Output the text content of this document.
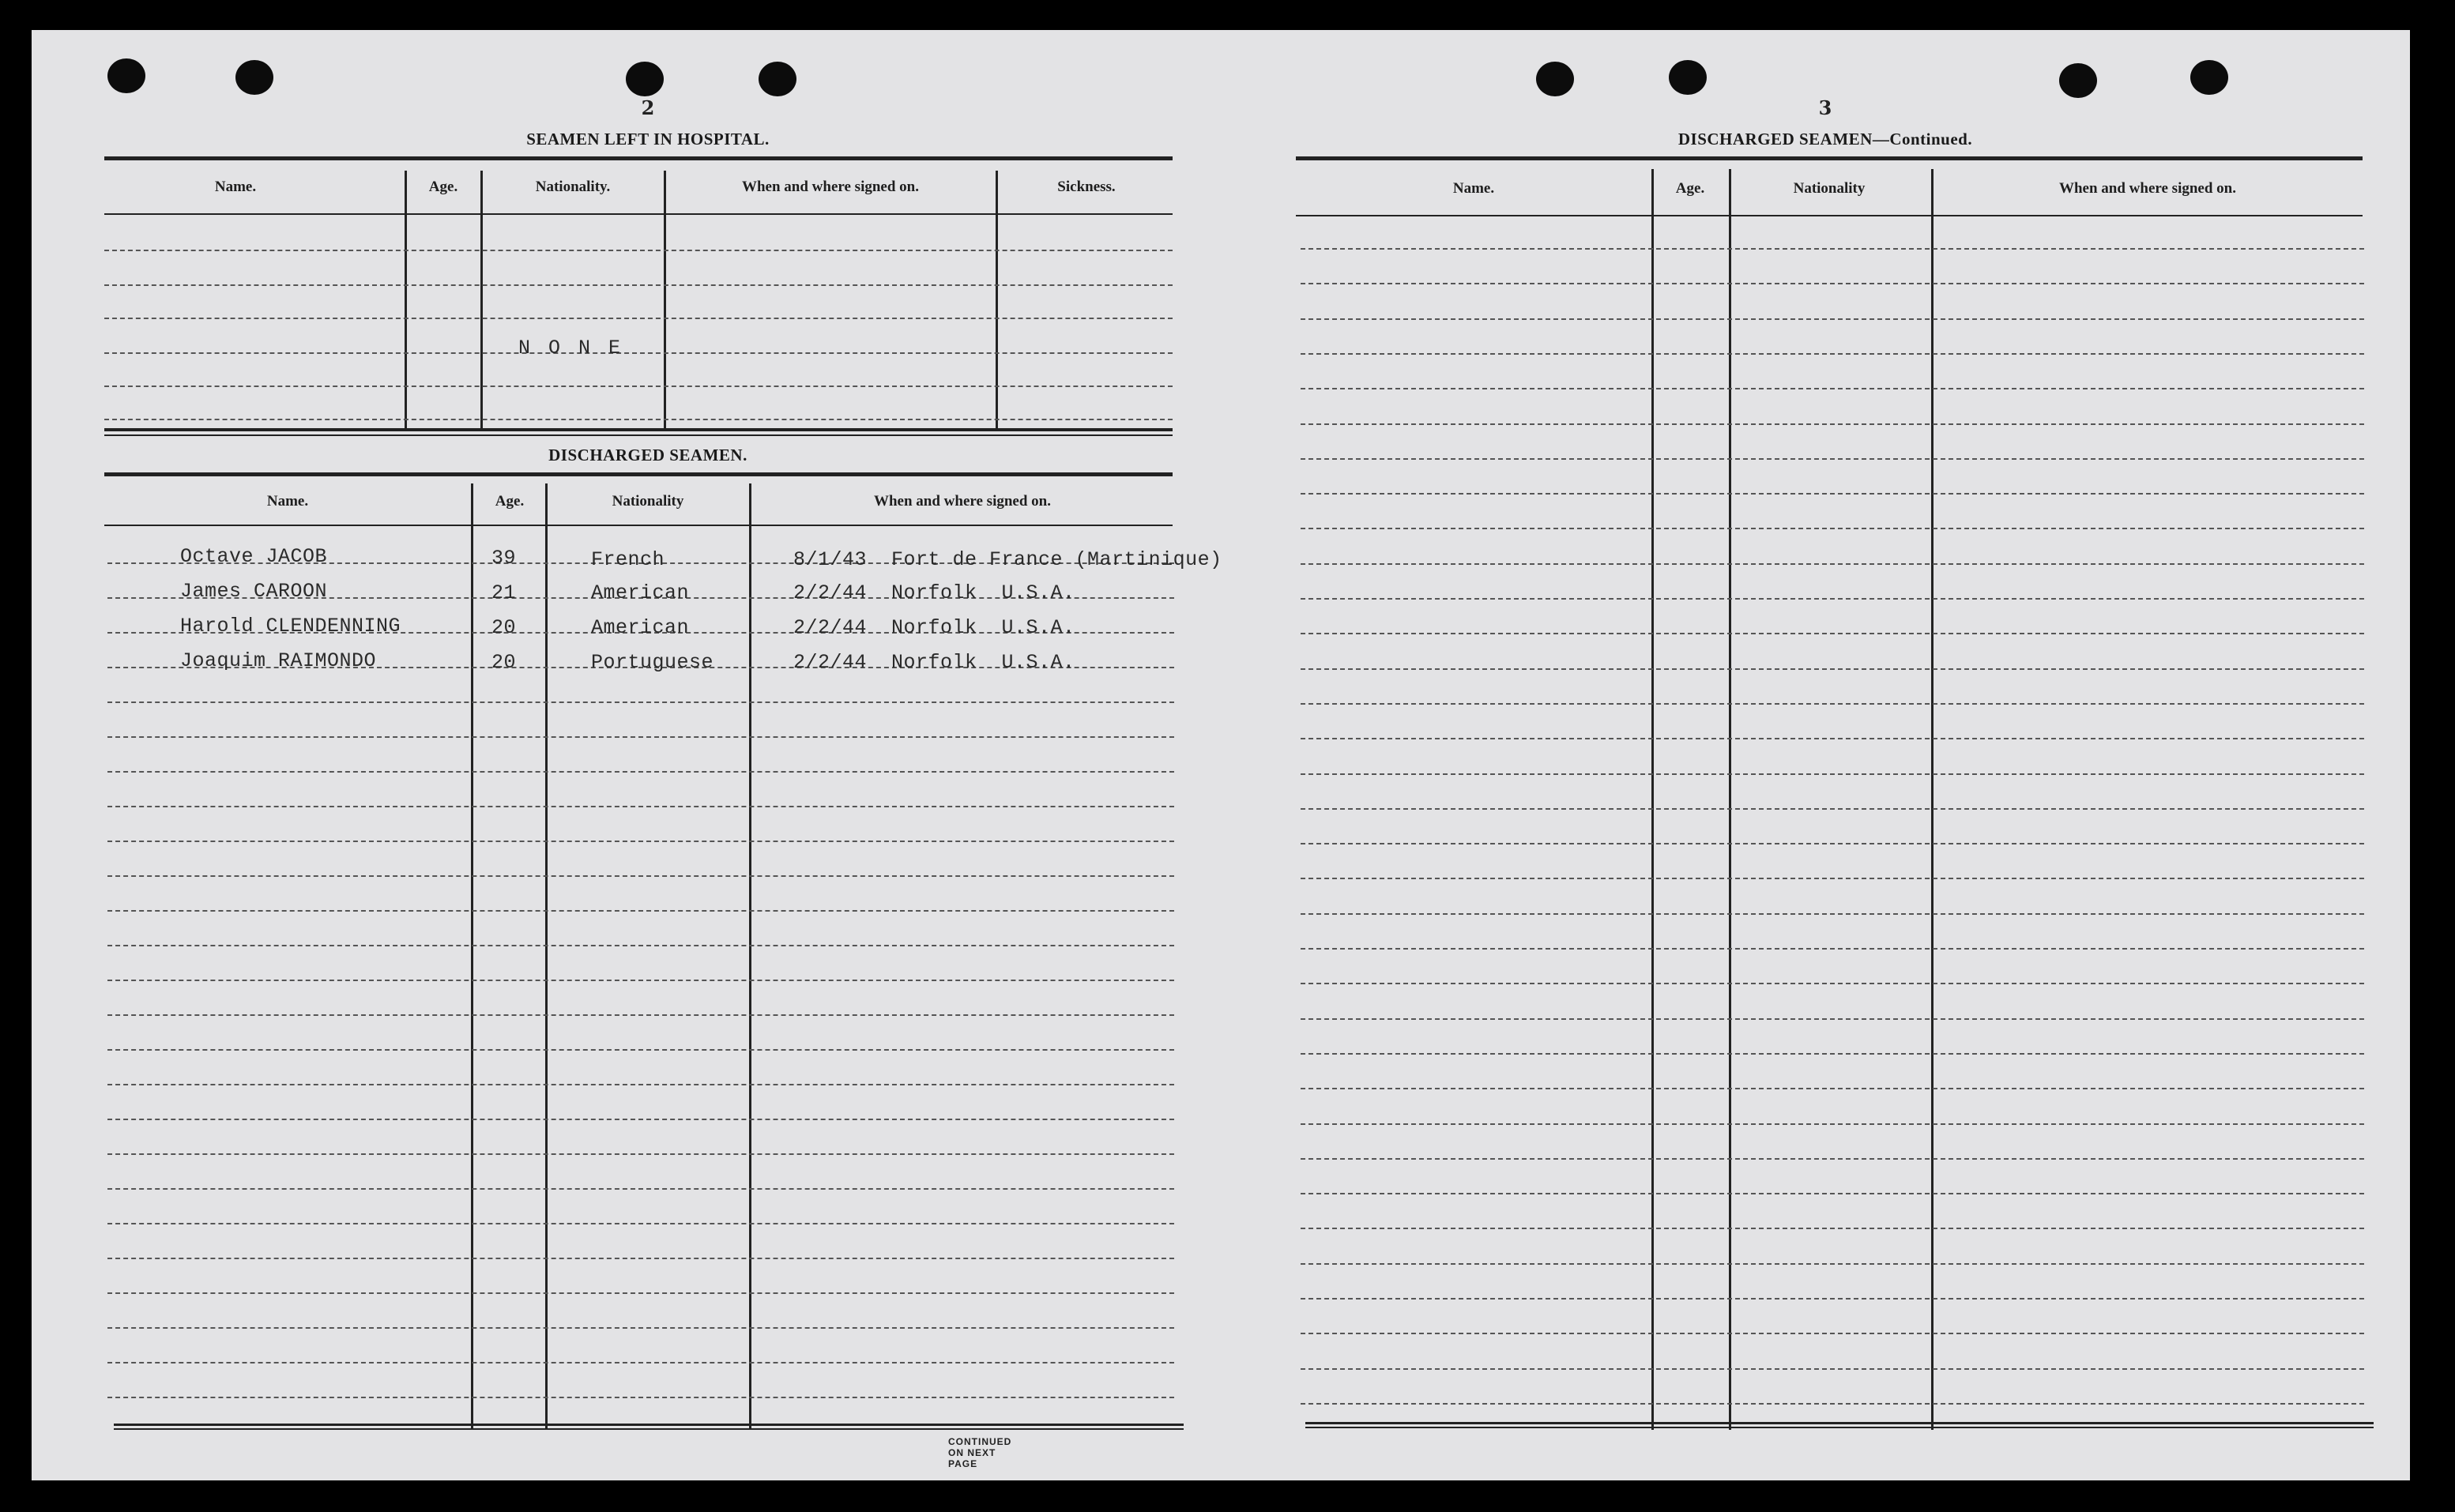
2
SEAMEN LEFT IN HOSPITAL.
Name.	Age.	Nationality.	When and where signed on.	Sickness.
N O N E
DISCHARGED SEAMEN.
Name.	Age.	Nationality	When and where signed on.
Octave JACOB	39	French	8/1/43  Fort de France (Martinique)
James CAROON	21	American	2/2/44  Norfolk  U.S.A.
Harold CLENDENNING	20	American	2/2/44  Norfolk  U.S.A.
Joaquim RAIMONDO	20	Portuguese	2/2/44  Norfolk  U.S.A.
CONTINUED ON NEXT PAGE
3
DISCHARGED SEAMEN—Continued.
Name.	Age.	Nationality	When and where signed on.
